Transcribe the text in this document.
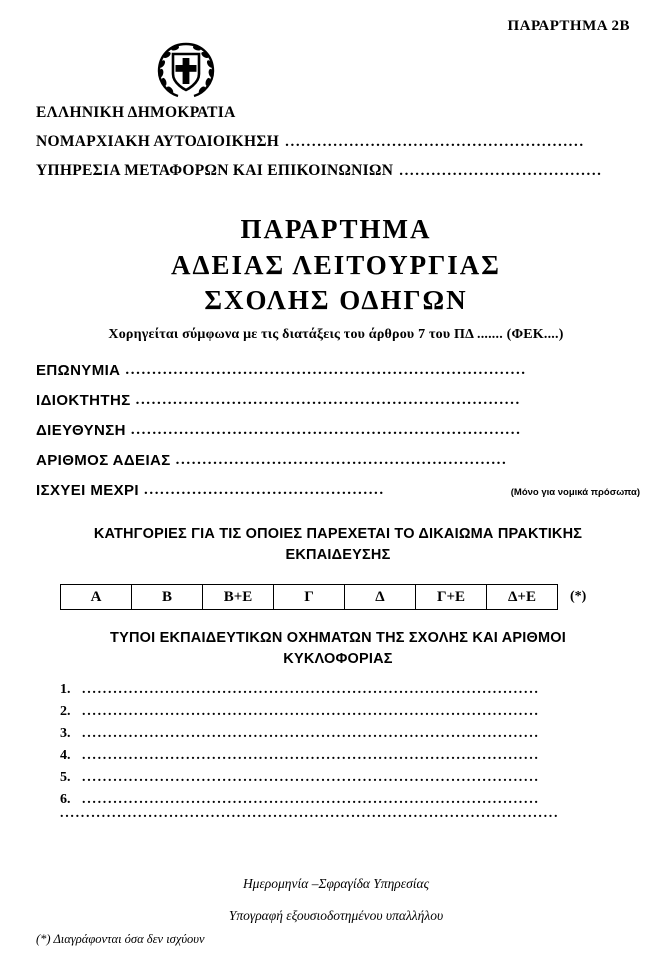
ΠΑΡΑΡΤΗΜΑ 2Β
ΕΛΛΗΝΙΚΗ ΔΗΜΟΚΡΑΤΙΑ
ΝΟΜΑΡΧΙΑΚΗ ΑΥΤΟΔΙΟΙΚΗΣΗ ........................................................
ΥΠΗΡΕΣΙΑ ΜΕΤΑΦΟΡΩΝ ΚΑΙ ΕΠΙΚΟΙΝΩΝΙΩΝ ......................................
ΠΑΡΑΡΤΗΜΑ
ΑΔΕΙΑΣ ΛΕΙΤΟΥΡΓΙΑΣ
ΣΧΟΛΗΣ ΟΔΗΓΩΝ
Χορηγείται σύμφωνα με τις διατάξεις του άρθρου 7 του ΠΔ ....... (ΦΕΚ....)
ΕΠΩΝΥΜΙΑ ...........................................................................
ΙΔΙΟΚΤΗΤΗΣ ........................................................................
ΔΙΕΥΘΥΝΣΗ .........................................................................
ΑΡΙΘΜΟΣ ΑΔΕΙΑΣ ..............................................................
ΙΣΧΥΕΙ ΜΕΧΡΙ .............................................	(Μόνο για νομικά πρόσωπα)
ΚΑΤΗΓΟΡΙΕΣ ΓΙΑ ΤΙΣ ΟΠΟΙΕΣ ΠΑΡΕΧΕΤΑΙ ΤΟ ΔΙΚΑΙΩΜΑ ΠΡΑΚΤΙΚΗΣ
ΕΚΠΑΙΔΕΥΣΗΣ
Α	Β	Β+Ε	Γ	Δ	Γ+Ε	Δ+Ε (*)
ΤΥΠΟΙ ΕΚΠΑΙΔΕΥΤΙΚΩΝ ΟΧΗΜΑΤΩΝ ΤΗΣ ΣΧΟΛΗΣ ΚΑΙ ΑΡΙΘΜΟΙ
ΚΥΚΛΟΦΟΡΙΑΣ
1. ........................................................................................
2. ........................................................................................
3. ........................................................................................
4. ........................................................................................
5. ........................................................................................
6. ........................................................................................
................................................................................................
Ημερομηνία –Σφραγίδα Υπηρεσίας
Υπογραφή εξουσιοδοτημένου υπαλλήλου
(*) Διαγράφονται όσα δεν ισχύουν
